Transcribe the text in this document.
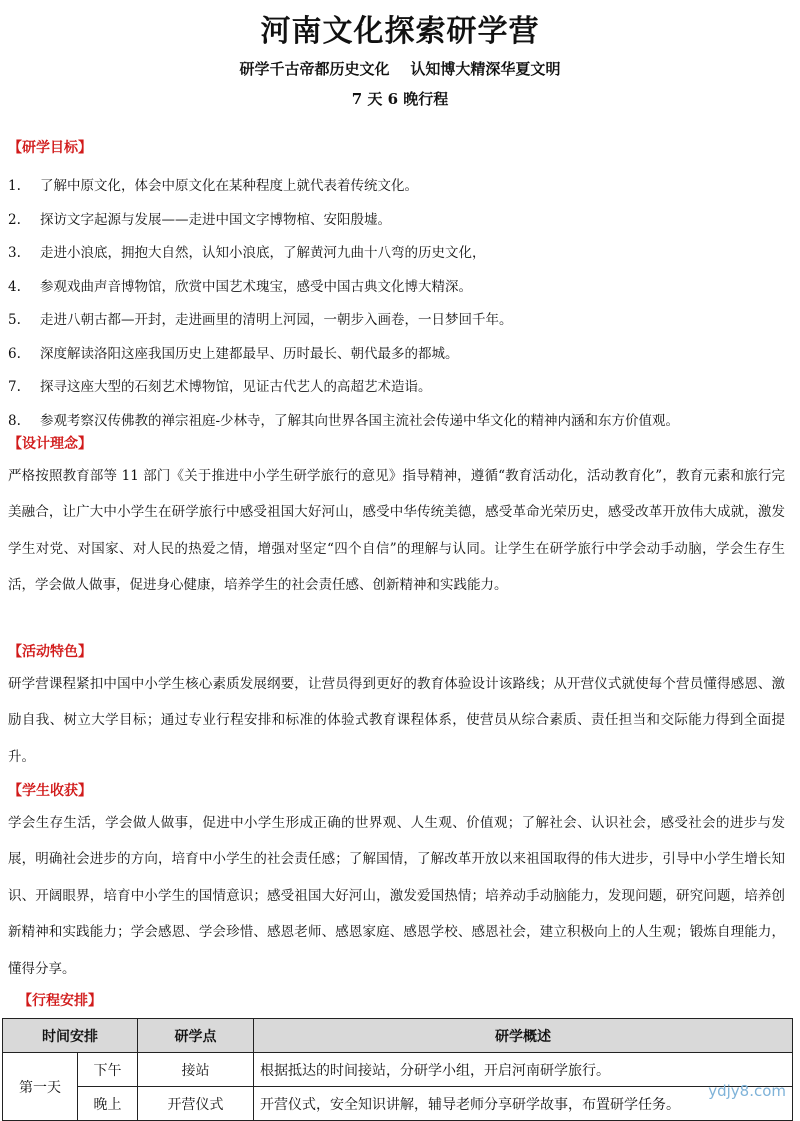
河南文化探索研学营
研学千古帝都历史文化    认知博大精深华夏文明
7 天 6 晚行程
【研学目标】
1. 了解中原文化，体会中原文化在某种程度上就代表着传统文化。
2. 探访文字起源与发展——走进中国文字博物棺、安阳殷墟。
3. 走进小浪底，拥抱大自然，认知小浪底，了解黄河九曲十八弯的历史文化，
4. 参观戏曲声音博物馆，欣赏中国艺术瑰宝，感受中国古典文化博大精深。
5. 走进八朝古都—开封，走进画里的清明上河园，一朝步入画卷，一日梦回千年。
6. 深度解读洛阳这座我国历史上建都最早、历时最长、朝代最多的都城。
7. 探寻这座大型的石刻艺术博物馆，见证古代艺人的高超艺术造诣。
8. 参观考察汉传佛教的禅宗祖庭-少林寺，了解其向世界各国主流社会传递中华文化的精神内涵和东方价值观。
【设计理念】

严格按照教育部等 11 部门《关于推进中小学生研学旅行的意见》指导精神，遵循“教育活动化，活动教育化”，教育元素和旅行完美融合，让广大中小学生在研学旅行中感受祖国大好河山，感受中华传统美德，感受革命光荣历史，感受改革开放伟大成就，激发学生对党、对国家、对人民的热爱之情，增强对坚定“四个自信”的理解与认同。让学生在研学旅行中学会动手动脑，学会生存生活，学会做人做事，促进身心健康，培养学生的社会责任感、创新精神和实践能力。

【活动特色】

研学营课程紧扣中国中小学生核心素质发展纲要，让营员得到更好的教育体验设计该路线；从开营仪式就使每个营员懂得感恩、激励自我、树立大学目标；通过专业行程安排和标准的体验式教育课程体系，使营员从综合素质、责任担当和交际能力得到全面提升。

【学生收获】

学会生存生活，学会做人做事，促进中小学生形成正确的世界观、人生观、价值观；了解社会、认识社会，感受社会的进步与发展，明确社会进步的方向，培育中小学生的社会责任感；了解国情，了解改革开放以来祖国取得的伟大进步，引导中小学生增长知识、开阔眼界，培育中小学生的国情意识；感受祖国大好河山，激发爱国热情；培养动手动脑能力，发现问题，研究问题，培养创新精神和实践能力；学会感恩、学会珍惜、感恩老师、感恩家庭、感恩学校、感恩社会，建立积极向上的人生观；锻炼自理能力，懂得分享。

【行程安排】
时间安排		研学点	研学概述
第一天	下午	接站	根据抵达的时间接站，分研学小组，开启河南研学旅行。
	晚上	开营仪式	开营仪式，安全知识讲解，辅导老师分享研学故事，布置研学任务。
ydjy8.com
